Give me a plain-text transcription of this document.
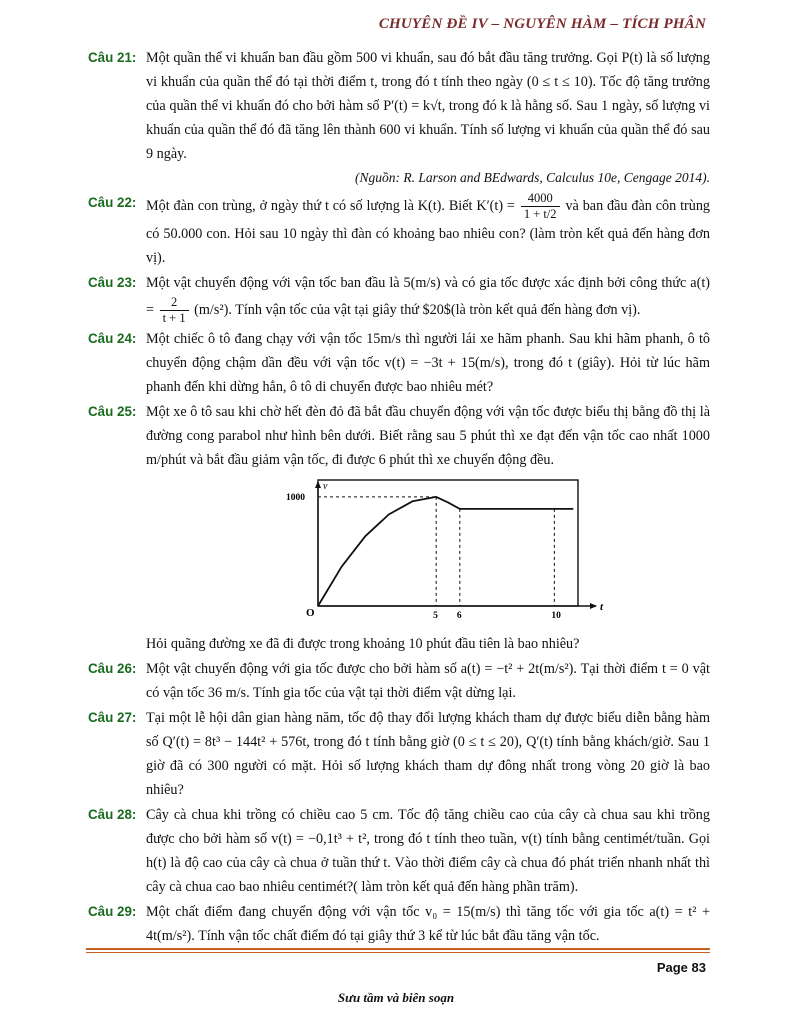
CHUYÊN ĐỀ IV – NGUYÊN HÀM – TÍCH PHÂN
Câu 21: Một quần thể vi khuẩn ban đầu gồm 500 vi khuẩn, sau đó bắt đầu tăng trưởng. Gọi P(t) là số lượng vi khuẩn của quần thể đó tại thời điểm t, trong đó t tính theo ngày (0 ≤ t ≤ 10). Tốc độ tăng trưởng của quần thể vi khuẩn đó cho bởi hàm số P′(t) = k√t, trong đó k là hằng số. Sau 1 ngày, số lượng vi khuẩn của quần thể đó đã tăng lên thành 600 vi khuẩn. Tính số lượng vi khuẩn của quần thể đó sau 9 ngày.
(Nguồn: R. Larson and BEdwards, Calculus 10e, Cengage 2014).
Câu 22: Một đàn con trùng, ở ngày thứ t có số lượng là K(t). Biết $K'(t) = \frac{4000}{1 + t/2}$ và ban đầu đàn côn trùng có 50.000 con. Hỏi sau 10 ngày thì đàn có khoảng bao nhiêu con? (làm tròn kết quả đến hàng đơn vị).
Câu 23: Một vật chuyển động với vận tốc ban đầu là 5(m/s) và có gia tốc được xác định bởi công thức $a(t) = \frac{2}{t + 1} (m/s^2)$. Tính vận tốc của vật tại giây thứ $20$(là tròn kết quả đến hàng đơn vị).
Câu 24: Một chiếc ô tô đang chạy với vận tốc 15m/s thì người lái xe hãm phanh. Sau khi hãm phanh, ô tô chuyển động chậm dần đều với vận tốc v(t) = −3t + 15(m/s), trong đó t (giây). Hỏi từ lúc hãm phanh đến khi dừng hẳn, ô tô di chuyển được bao nhiêu mét?
Câu 25: Một xe ô tô sau khi chờ hết đèn đỏ đã bắt đầu chuyển động với vận tốc được biểu thị bằng đồ thị là đường cong parabol như hình bên dưới. Biết rằng sau 5 phút thì xe đạt đến vận tốc cao nhất 1000 m/phút và bắt đầu giảm vận tốc, đi được 6 phút thì xe chuyển động đều.
v
t
O
1000
5 6	10
Hỏi quãng đường xe đã đi được trong khoảng 10 phút đầu tiên là bao nhiêu?
Câu 26: Một vật chuyển động với gia tốc được cho bởi hàm số a(t) = −t² + 2t(m/s²). Tại thời điểm t = 0 vật có vận tốc 36 m/s. Tính gia tốc của vật tại thời điểm vật dừng lại.
Câu 27: Tại một lễ hội dân gian hàng năm, tốc độ thay đổi lượng khách tham dự được biểu diễn bằng hàm số Q′(t) = 8t³ − 144t² + 576t, trong đó t tính bằng giờ (0 ≤ t ≤ 20), Q′(t) tính bằng khách/giờ. Sau 1 giờ đã có 300 người có mặt. Hỏi số lượng khách tham dự đông nhất trong vòng 20 giờ là bao nhiêu?
Câu 28: Cây cà chua khi trồng có chiều cao 5 cm. Tốc độ tăng chiều cao của cây cà chua sau khi trồng được cho bởi hàm số v(t) = −0,1t³ + t², trong đó t tính theo tuần, v(t) tính bằng centimét/tuần. Gọi h(t) là độ cao của cây cà chua ở tuần thứ t. Vào thời điểm cây cà chua đó phát triển nhanh nhất thì cây cà chua cao bao nhiêu centimét?( làm tròn kết quả đến hàng phần trăm).
Câu 29: Một chất điểm đang chuyển động với vận tốc v₀ = 15(m/s) thì tăng tốc với gia tốc a(t) = t² + 4t(m/s²). Tính vận tốc chất điểm đó tại giây thứ 3 kể từ lúc bắt đầu tăng vận tốc.
Page 83
Sưu tầm và biên soạn
